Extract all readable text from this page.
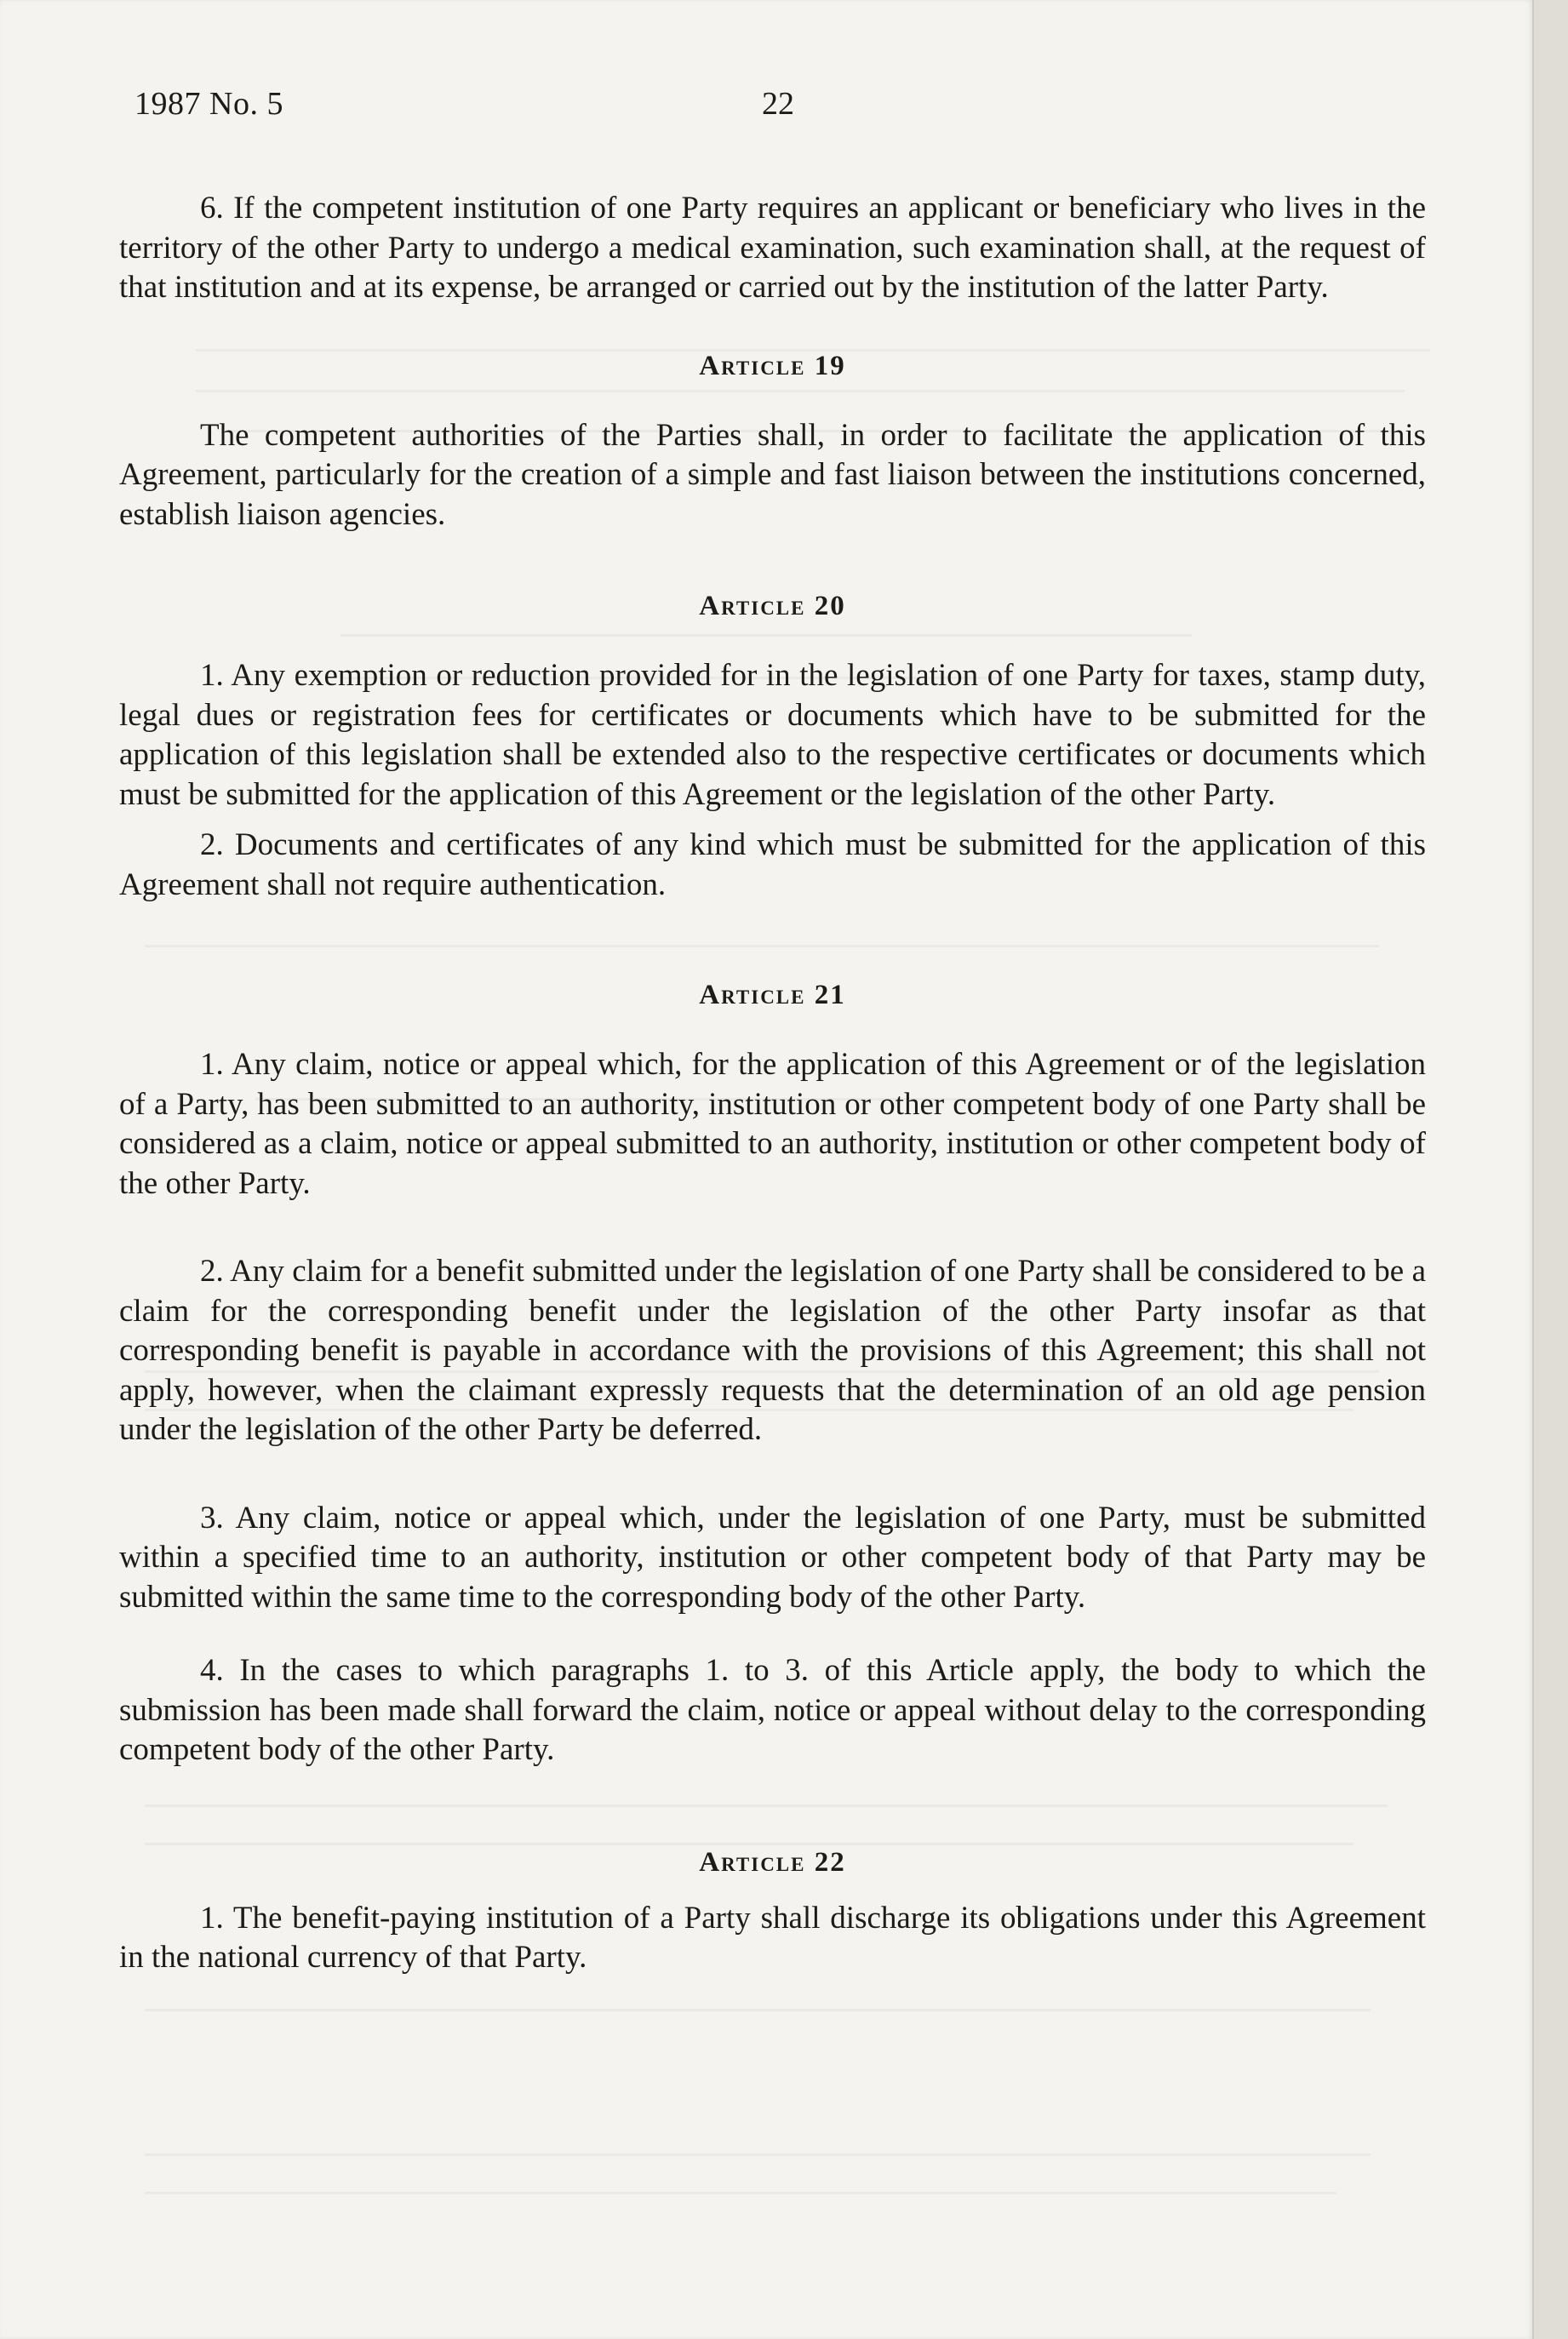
1987 No. 5	22

6. If the competent institution of one Party requires an applicant or beneficiary who lives in the territory of the other Party to undergo a medical examination, such examination shall, at the request of that institution and at its expense, be arranged or carried out by the institution of the latter Party.

Article 19

The competent authorities of the Parties shall, in order to facilitate the application of this Agreement, particularly for the creation of a simple and fast liaison between the institutions concerned, establish liaison agencies.

Article 20

1. Any exemption or reduction provided for in the legislation of one Party for taxes, stamp duty, legal dues or registration fees for certificates or documents which have to be submitted for the application of this legislation shall be extended also to the respective certificates or documents which must be submitted for the application of this Agreement or the legislation of the other Party.

2. Documents and certificates of any kind which must be submitted for the application of this Agreement shall not require authentication.

Article 21

1. Any claim, notice or appeal which, for the application of this Agreement or of the legislation of a Party, has been submitted to an authority, institution or other competent body of one Party shall be considered as a claim, notice or appeal submitted to an authority, institution or other competent body of the other Party.

2. Any claim for a benefit submitted under the legislation of one Party shall be considered to be a claim for the corresponding benefit under the legislation of the other Party insofar as that corresponding benefit is payable in accordance with the provisions of this Agreement; this shall not apply, however, when the claimant expressly requests that the determination of an old age pension under the legislation of the other Party be deferred.

3. Any claim, notice or appeal which, under the legislation of one Party, must be submitted within a specified time to an authority, institution or other competent body of that Party may be submitted within the same time to the corresponding body of the other Party.

4. In the cases to which paragraphs 1. to 3. of this Article apply, the body to which the submission has been made shall forward the claim, notice or appeal without delay to the corresponding competent body of the other Party.

Article 22

1. The benefit-paying institution of a Party shall discharge its obligations under this Agreement in the national currency of that Party.
